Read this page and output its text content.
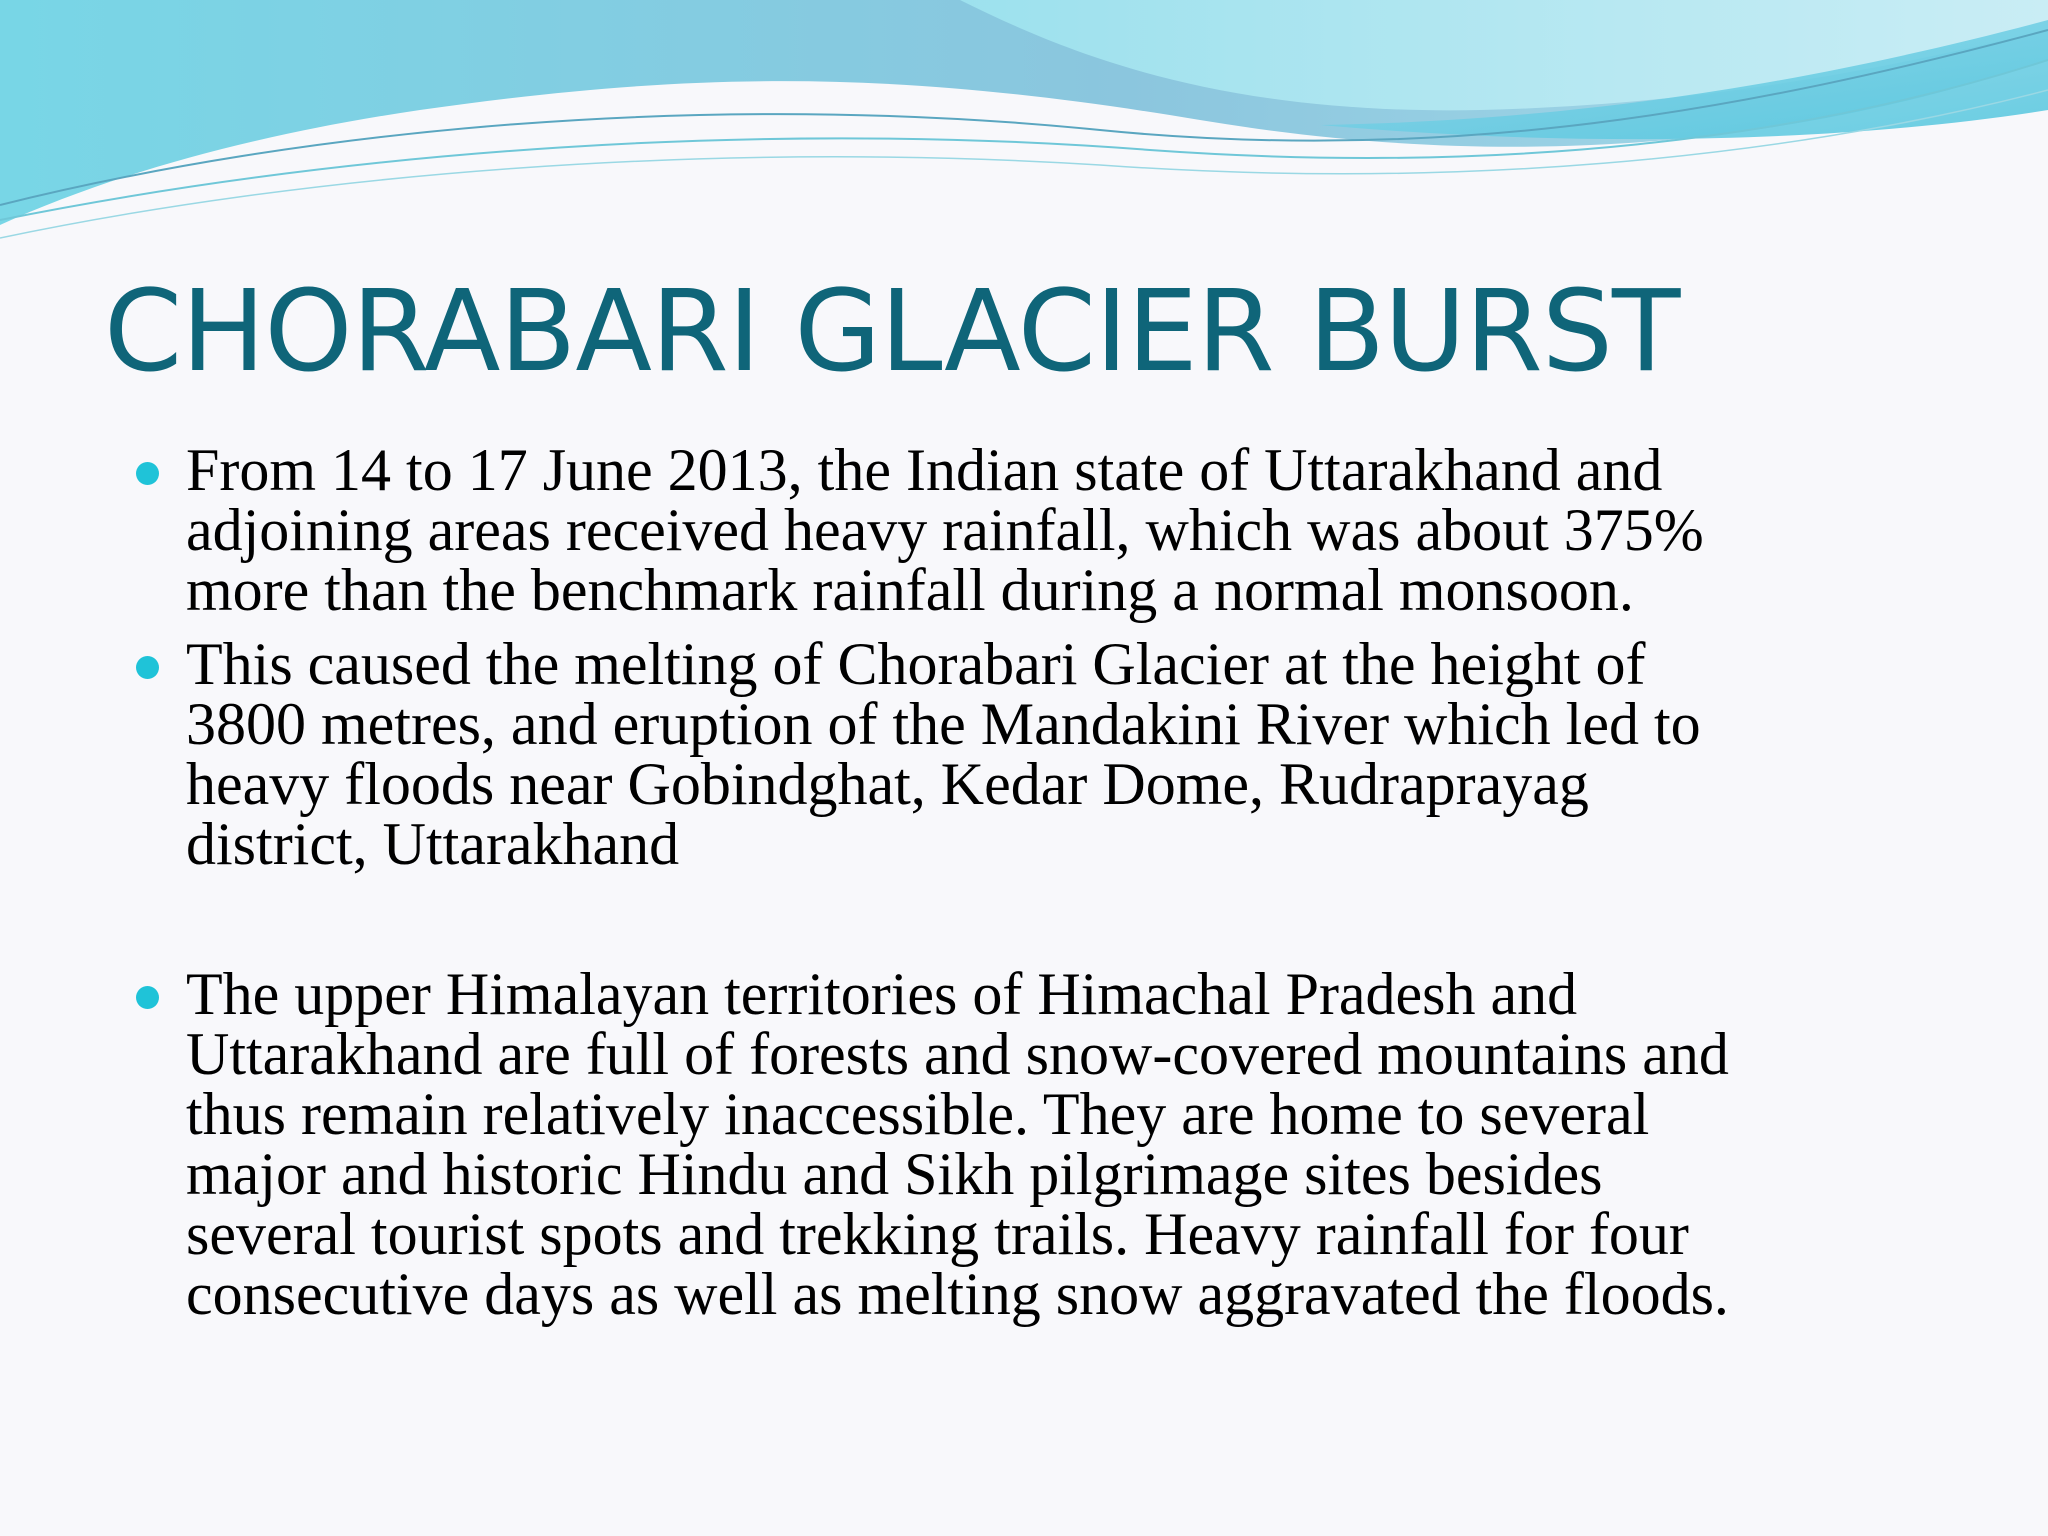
CHORABARI GLACIER BURST
From 14 to 17 June 2013, the Indian state of Uttarakhand and
adjoining areas received heavy rainfall, which was about 375%
more than the benchmark rainfall during a normal monsoon.
This caused the melting of Chorabari Glacier at the height of
3800 metres, and eruption of the Mandakini River which led to
heavy floods near Gobindghat, Kedar Dome, Rudraprayag
district, Uttarakhand
The upper Himalayan territories of Himachal Pradesh and
Uttarakhand are full of forests and snow-covered mountains and
thus remain relatively inaccessible. They are home to several
major and historic Hindu and Sikh pilgrimage sites besides
several tourist spots and trekking trails. Heavy rainfall for four
consecutive days as well as melting snow aggravated the floods.
